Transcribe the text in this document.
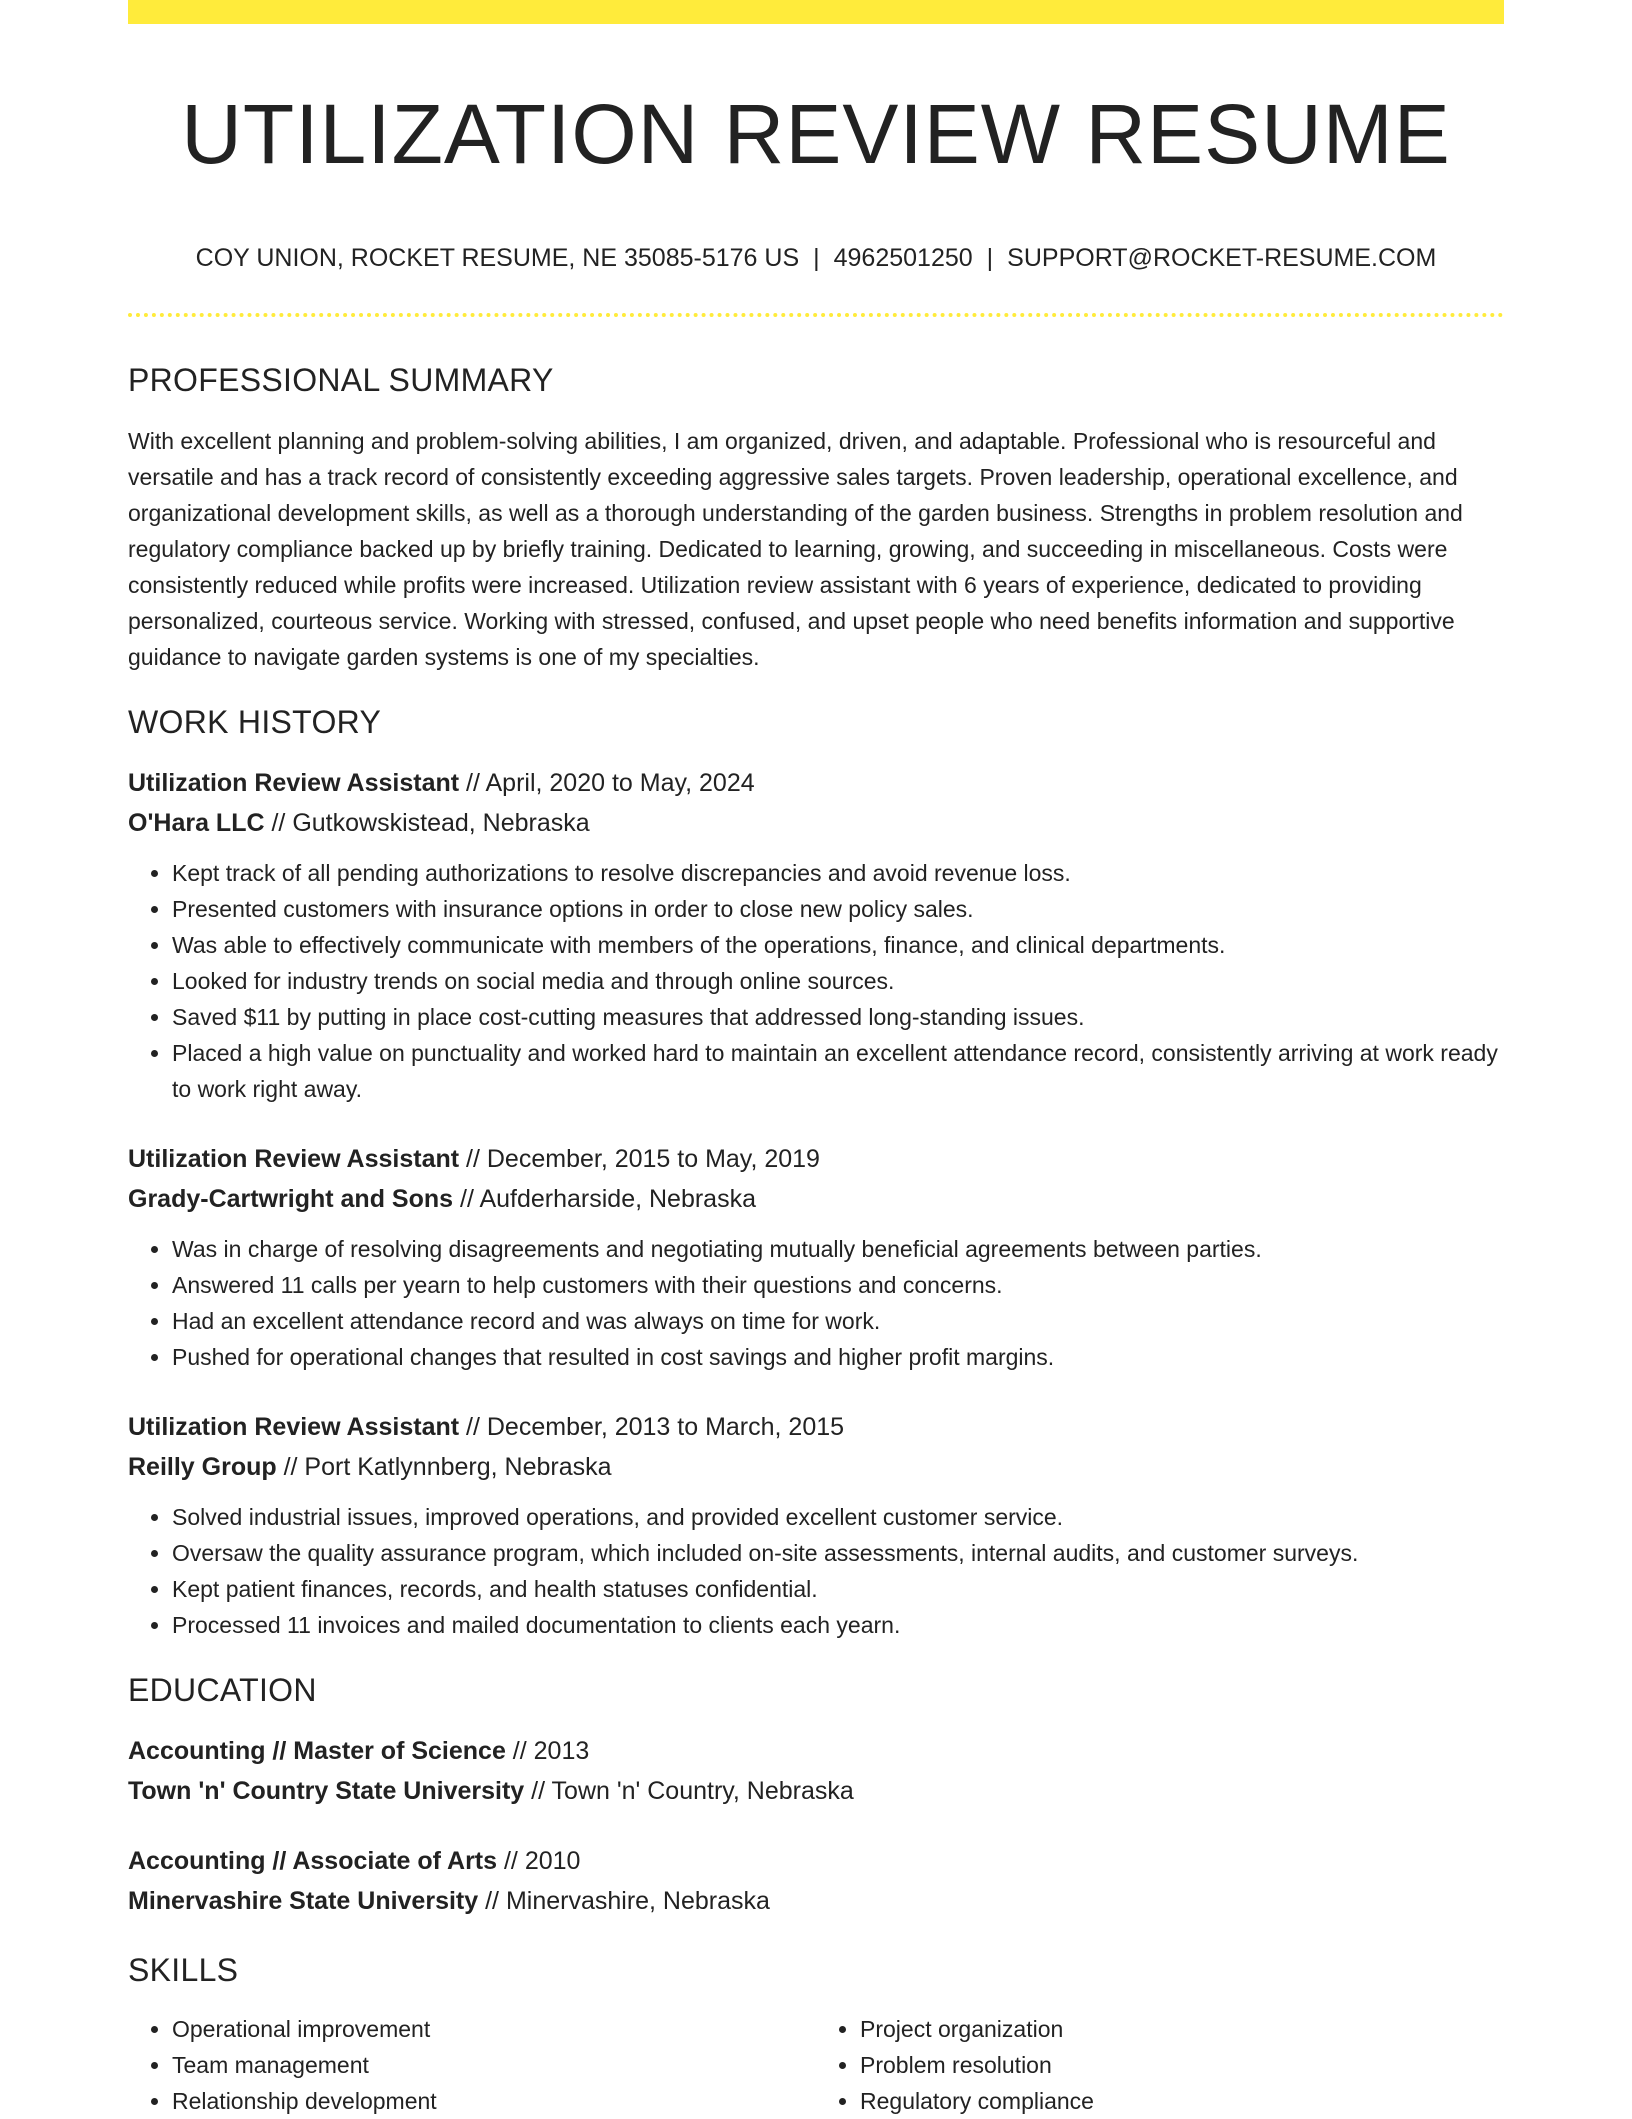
UTILIZATION REVIEW RESUME
COY UNION, ROCKET RESUME, NE 35085-5176 US | 4962501250 | SUPPORT@ROCKET-RESUME.COM
PROFESSIONAL SUMMARY

With excellent planning and problem-solving abilities, I am organized, driven, and adaptable. Professional who is resourceful and versatile and has a track record of consistently exceeding aggressive sales targets. Proven leadership, operational excellence, and organizational development skills, as well as a thorough understanding of the garden business. Strengths in problem resolution and regulatory compliance backed up by briefly training. Dedicated to learning, growing, and succeeding in miscellaneous. Costs were consistently reduced while profits were increased. Utilization review assistant with 6 years of experience, dedicated to providing personalized, courteous service. Working with stressed, confused, and upset people who need benefits information and supportive guidance to navigate garden systems is one of my specialties.

WORK HISTORY
Utilization Review Assistant // April, 2020 to May, 2024
O'Hara LLC // Gutkowskistead, Nebraska
• Kept track of all pending authorizations to resolve discrepancies and avoid revenue loss.
• Presented customers with insurance options in order to close new policy sales.
• Was able to effectively communicate with members of the operations, finance, and clinical departments.
• Looked for industry trends on social media and through online sources.
• Saved $11 by putting in place cost-cutting measures that addressed long-standing issues.
• Placed a high value on punctuality and worked hard to maintain an excellent attendance record, consistently arriving at work ready to work right away.
Utilization Review Assistant // December, 2015 to May, 2019
Grady-Cartwright and Sons // Aufderharside, Nebraska
• Was in charge of resolving disagreements and negotiating mutually beneficial agreements between parties.
• Answered 11 calls per yearn to help customers with their questions and concerns.
• Had an excellent attendance record and was always on time for work.
• Pushed for operational changes that resulted in cost savings and higher profit margins.
Utilization Review Assistant // December, 2013 to March, 2015
Reilly Group // Port Katlynnberg, Nebraska
• Solved industrial issues, improved operations, and provided excellent customer service.
• Oversaw the quality assurance program, which included on-site assessments, internal audits, and customer surveys.
• Kept patient finances, records, and health statuses confidential.
• Processed 11 invoices and mailed documentation to clients each yearn.
EDUCATION
Accounting // Master of Science // 2013
Town 'n' Country State University // Town 'n' Country, Nebraska
Accounting // Associate of Arts // 2010
Minervashire State University // Minervashire, Nebraska
SKILLS
• Operational improvement
• Team management
• Relationship development
• Project organization
• Problem resolution
• Regulatory compliance
